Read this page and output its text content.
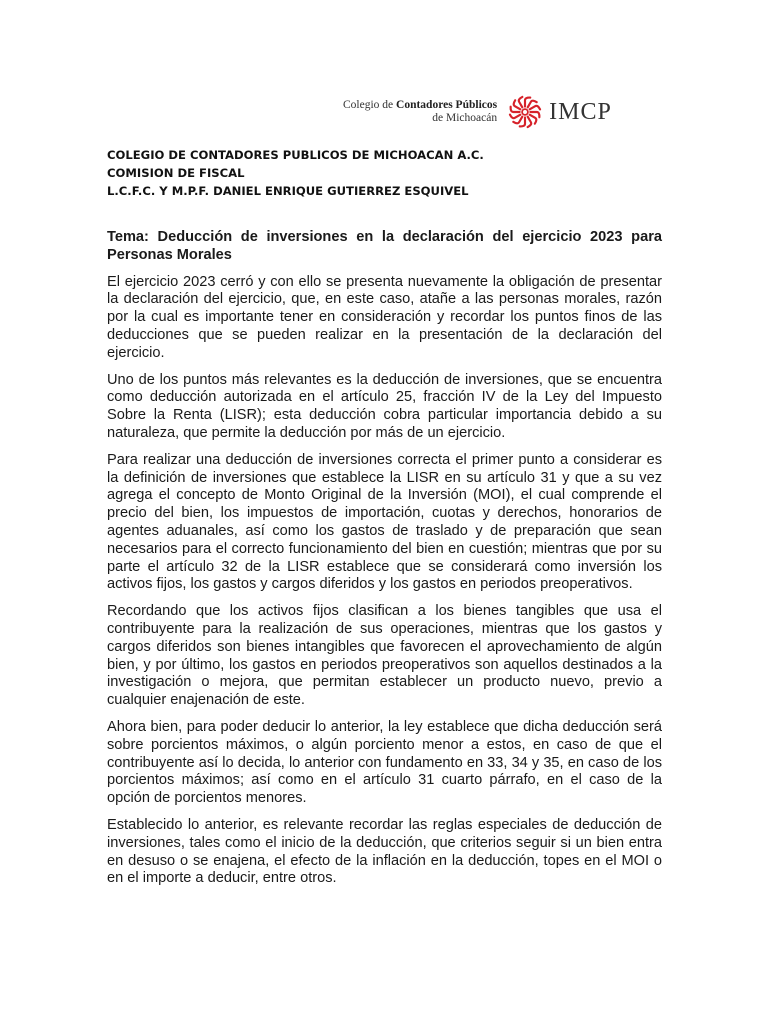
Colegio de Contadores Públicos
de Michoacán IMCP
COLEGIO DE CONTADORES PUBLICOS DE MICHOACAN A.C.
COMISION DE FISCAL
L.C.F.C. Y M.P.F. DANIEL ENRIQUE GUTIERREZ ESQUIVEL

Tema: Deducción de inversiones en la declaración del ejercicio 2023 para Personas Morales

El ejercicio 2023 cerró y con ello se presenta nuevamente la obligación de presentar la declaración del ejercicio, que, en este caso, atañe a las personas morales, razón por la cual es importante tener en consideración y recordar los puntos finos de las deducciones que se pueden realizar en la presentación de la declaración del ejercicio.

Uno de los puntos más relevantes es la deducción de inversiones, que se encuentra como deducción autorizada en el artículo 25, fracción IV de la Ley del Impuesto Sobre la Renta (LISR); esta deducción cobra particular importancia debido a su naturaleza, que permite la deducción por más de un ejercicio.

Para realizar una deducción de inversiones correcta el primer punto a considerar es la definición de inversiones que establece la LISR en su artículo 31 y que a su vez agrega el concepto de Monto Original de la Inversión (MOI), el cual comprende el precio del bien, los impuestos de importación, cuotas y derechos, honorarios de agentes aduanales, así como los gastos de traslado y de preparación que sean necesarios para el correcto funcionamiento del bien en cuestión; mientras que por su parte el artículo 32 de la LISR establece que se considerará como inversión los activos fijos, los gastos y cargos diferidos y los gastos en periodos preoperativos.

Recordando que los activos fijos clasifican a los bienes tangibles que usa el contribuyente para la realización de sus operaciones, mientras que los gastos y cargos diferidos son bienes intangibles que favorecen el aprovechamiento de algún bien, y por último, los gastos en periodos preoperativos son aquellos destinados a la investigación o mejora, que permitan establecer un producto nuevo, previo a cualquier enajenación de este.

Ahora bien, para poder deducir lo anterior, la ley establece que dicha deducción será sobre porcientos máximos, o algún porciento menor a estos, en caso de que el contribuyente así lo decida, lo anterior con fundamento en 33, 34 y 35, en caso de los porcientos máximos; así como en el artículo 31 cuarto párrafo, en el caso de la opción de porcientos menores.

Establecido lo anterior, es relevante recordar las reglas especiales de deducción de inversiones, tales como el inicio de la deducción, que criterios seguir si un bien entra en desuso o se enajena, el efecto de la inflación en la deducción, topes en el MOI o en el importe a deducir, entre otros.
